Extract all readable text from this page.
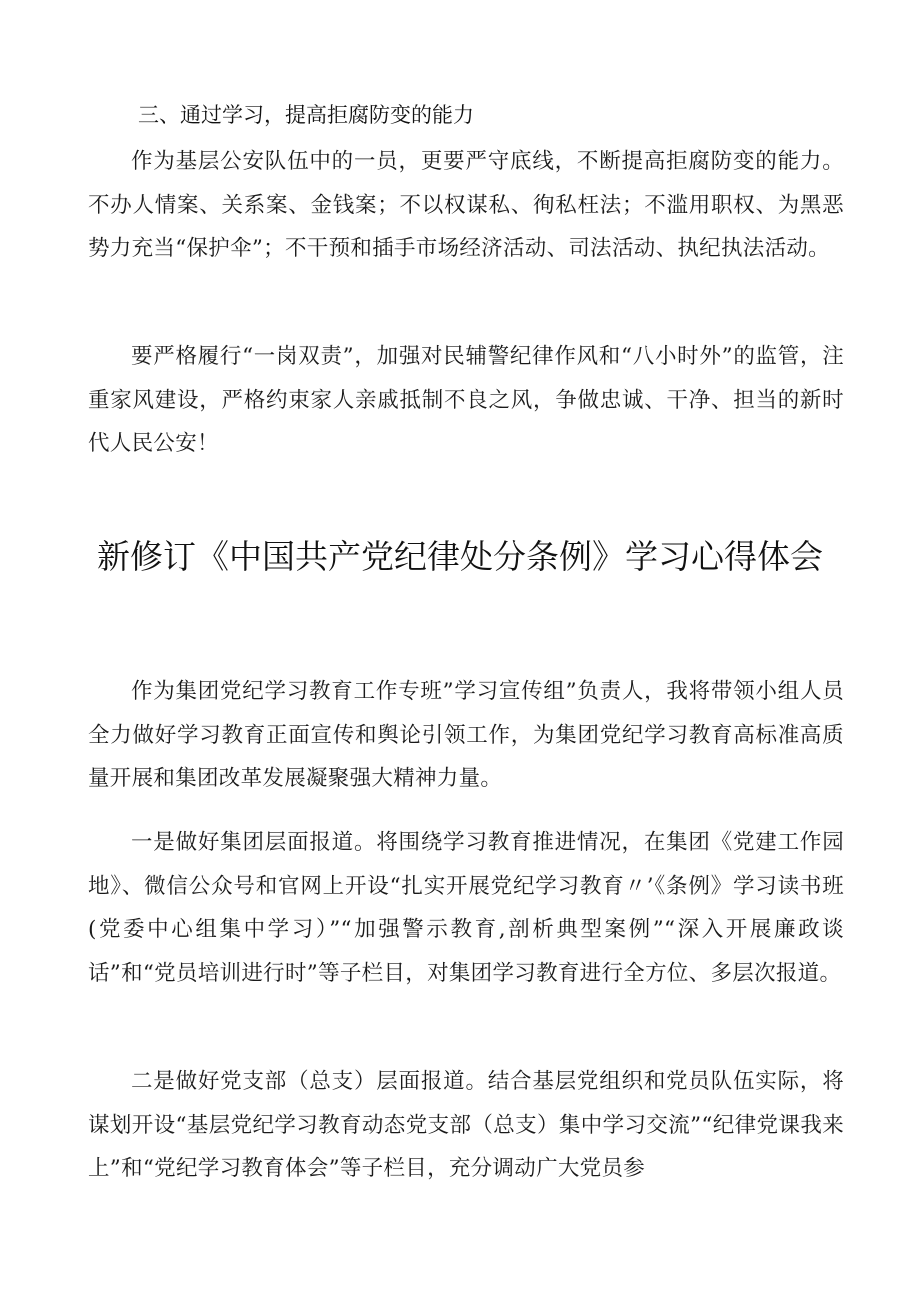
三、通过学习，提高拒腐防变的能力

作为基层公安队伍中的一员，更要严守底线，不断提高拒腐防变的能力。不办人情案、关系案、金钱案；不以权谋私、徇私枉法；不滥用职权、为黑恶势力充当“保护伞”；不干预和插手市场经济活动、司法活动、执纪执法活动。

要严格履行“一岗双责”，加强对民辅警纪律作风和“八小时外”的监管，注重家风建设，严格约束家人亲戚抵制不良之风，争做忠诚、干净、担当的新时代人民公安！

新修订《中国共产党纪律处分条例》学习心得体会

作为集团党纪学习教育工作专班”学习宣传组”负责人，我将带领小组人员全力做好学习教育正面宣传和舆论引领工作，为集团党纪学习教育高标准高质量开展和集团改革发展凝聚强大精神力量。

一是做好集团层面报道。将围绕学习教育推进情况，在集团《党建工作园地》、微信公众号和官网上开设“扎实开展党纪学习教育〃’《条例》学习读书班(党委中心组集中学习）”“加强警示教育,剖析典型案例”“深入开展廉政谈话”和“党员培训进行时”等子栏目，对集团学习教育进行全方位、多层次报道。

二是做好党支部（总支）层面报道。结合基层党组织和党员队伍实际，将谋划开设“基层党纪学习教育动态党支部（总支）集中学习交流”“纪律党课我来上”和“党纪学习教育体会”等子栏目，充分调动广大党员参
